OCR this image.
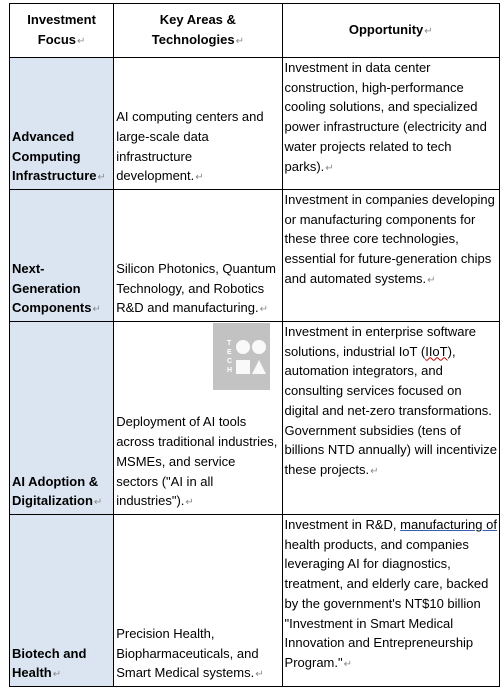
Investment Focus↵	Key Areas & Technologies↵	Opportunity↵
Advanced Computing Infrastructure↵	AI computing centers and large-scale data infrastructure development.↵	Investment in data center construction, high-performance cooling solutions, and specialized power infrastructure (electricity and water projects related to tech parks).↵
Next-Generation Components↵	Silicon Photonics, Quantum Technology, and Robotics R&D and manufacturing.↵	Investment in companies developing or manufacturing components for these three core technologies, essential for future-generation chips and automated systems.↵
AI Adoption & Digitalization↵	Deployment of AI tools across traditional industries, MSMEs, and service sectors ("AI in all industries").↵	Investment in enterprise software solutions, industrial IoT (IIoT), automation integrators, and consulting services focused on digital and net-zero transformations. Government subsidies (tens of billions NTD annually) will incentivize these projects.↵
Biotech and Health↵	Precision Health, Biopharmaceuticals, and Smart Medical systems.↵	Investment in R&D, manufacturing of health products, and companies leveraging AI for diagnostics, treatment, and elderly care, backed by the government's NT$10 billion "Investment in Smart Medical Innovation and Entrepreneurship Program."↵
T
E
C
H
